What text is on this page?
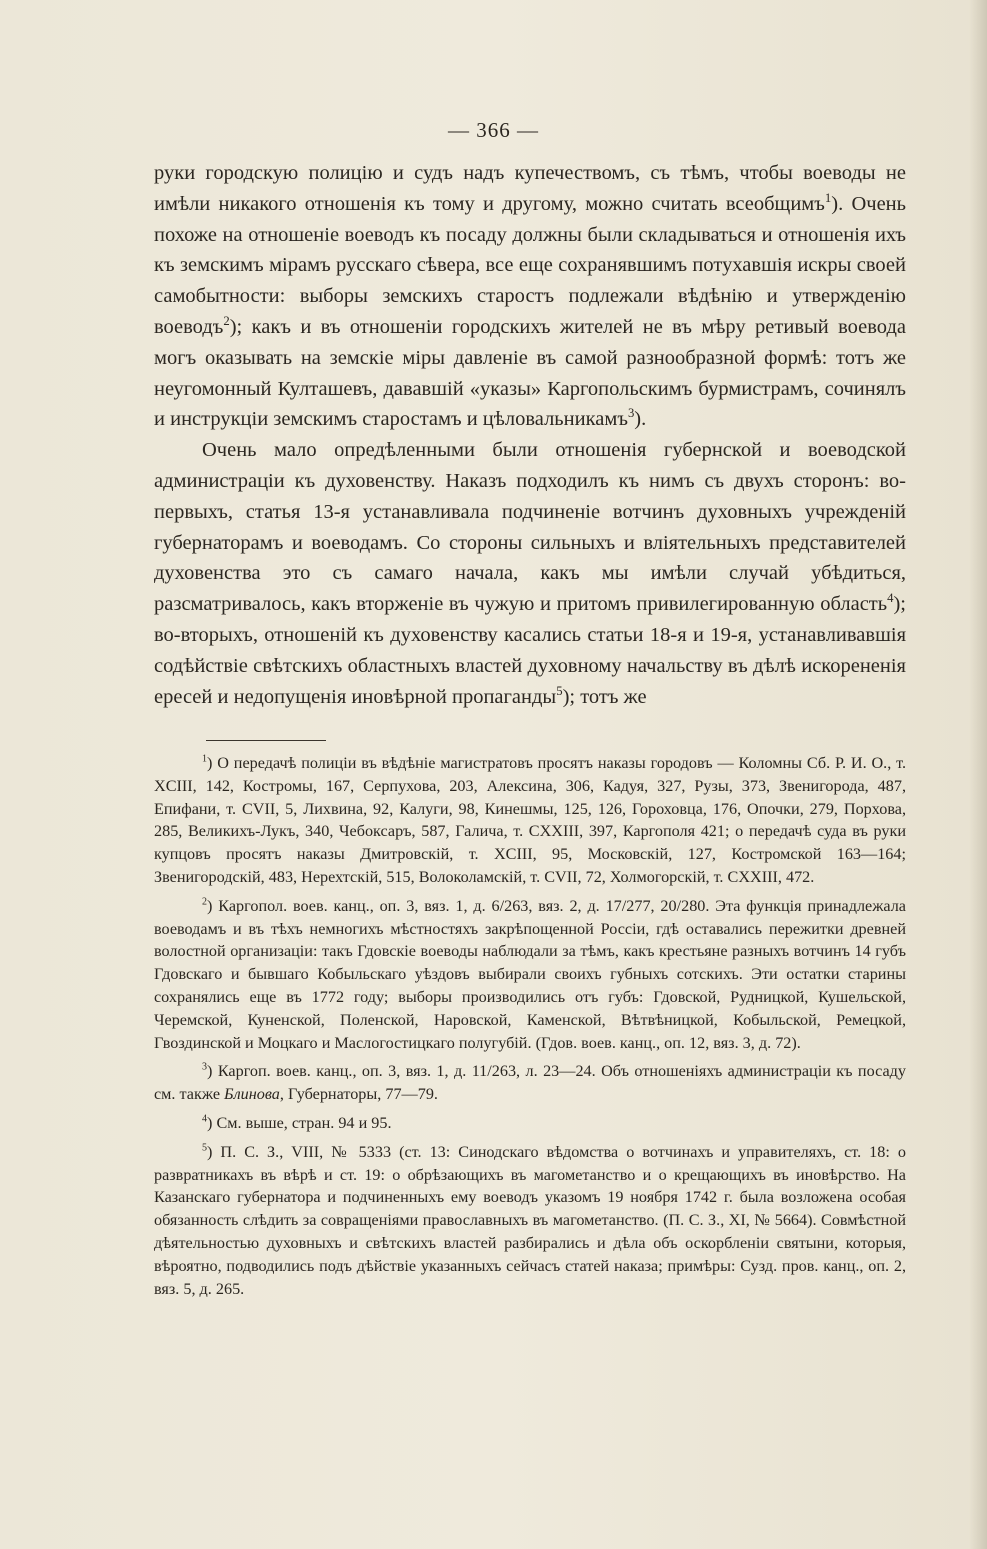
— 366 —

руки городскую полицію и судъ надъ купечествомъ, съ тѣмъ, чтобы воеводы не имѣли никакого отношенія къ тому и другому, можно считать всеобщимъ$^1$). Очень похоже на отношеніе воеводъ къ посаду должны были складываться и отношенія ихъ къ земскимъ мірамъ русскаго сѣвера, все еще сохранявшимъ потухавшія искры своей самобытности: выборы земскихъ старостъ подлежали вѣдѣнію и утвержденію воеводъ$^2$); какъ и въ отношеніи городскихъ жителей не въ мѣру ретивый воевода могъ оказывать на земскіе міры давленіе въ самой разнообразной формѣ: тотъ же неугомонный Култашевъ, дававшій «указы» Каргопольскимъ бурмистрамъ, сочинялъ и инструкціи земскимъ старостамъ и цѣловальникамъ$^3$).

Очень мало опредѣленными были отношенія губернской и воеводской администраціи къ духовенству. Наказъ подходилъ къ нимъ съ двухъ сторонъ: во-первыхъ, статья 13-я устанавливала подчиненіе вотчинъ духовныхъ учрежденій губернаторамъ и воеводамъ. Со стороны сильныхъ и вліятельныхъ представителей духовенства это съ самаго начала, какъ мы имѣли случай убѣдиться, разсматривалось, какъ вторженіе въ чужую и притомъ привилегированную область$^4$); во-вторыхъ, отношеній къ духовенству касались статьи 18-я и 19-я, устанавливавшія содѣйствіе свѣтскихъ областныхъ властей духовному начальству въ дѣлѣ искорененія ересей и недопущенія иновѣрной пропаганды$^5$); тотъ же

$^1$) О передачѣ полиціи въ вѣдѣніе магистратовъ просятъ наказы городовъ — Коломны Сб. Р. И. О., т. XCIII, 142, Костромы, 167, Серпухова, 203, Алексина, 306, Кадуя, 327, Рузы, 373, Звенигорода, 487, Епифани, т. CVII, 5, Лихвина, 92, Калуги, 98, Кинешмы, 125, 126, Гороховца, 176, Опочки, 279, Порхова, 285, Великихъ-Лукъ, 340, Чебоксаръ, 587, Галича, т. CXXIII, 397, Каргополя 421; о передачѣ суда въ руки купцовъ просятъ наказы Дмитровскій, т. XCIII, 95, Московскій, 127, Костромской 163—164; Звенигородскій, 483, Нерехтскій, 515, Волоколамскій, т. CVII, 72, Холмогорскій, т. CXXIII, 472.

$^2$) Каргопол. воев. канц., оп. 3, вяз. 1, д. 6/263, вяз. 2, д. 17/277, 20/280. Эта функція принадлежала воеводамъ и въ тѣхъ немногихъ мѣстностяхъ закрѣпощенной Россіи, гдѣ оставались пережитки древней волостной организаціи: такъ Гдовскіе воеводы наблюдали за тѣмъ, какъ крестьяне разныхъ вотчинъ 14 губъ Гдовскаго и бывшаго Кобыльскаго уѣздовъ выбирали своихъ губныхъ сотскихъ. Эти остатки старины сохранялись еще въ 1772 году; выборы производились отъ губъ: Гдовской, Рудницкой, Кушельской, Черемской, Куненской, Поленской, Наровской, Каменской, Вѣтвѣницкой, Кобыльской, Ремецкой, Гвоздинской и Моцкаго и Маслогостицкаго полугубій. (Гдов. воев. канц., оп. 12, вяз. 3, д. 72).

$^3$) Каргоп. воев. канц., оп. 3, вяз. 1, д. 11/263, л. 23—24. Объ отношеніяхъ администраціи къ посаду см. также Блинова, Губернаторы, 77—79.

$^4$) См. выше, стран. 94 и 95.

$^5$) П. С. З., VIII, № 5333 (ст. 13: Синодскаго вѣдомства о вотчинахъ и управителяхъ, ст. 18: о развратникахъ въ вѣрѣ и ст. 19: о обрѣзающихъ въ магометанство и о крещающихъ въ иновѣрство. На Казанскаго губернатора и подчиненныхъ ему воеводъ указомъ 19 ноября 1742 г. была возложена особая обязанность слѣдить за совращеніями православныхъ въ магометанство. (П. С. З., XI, № 5664). Совмѣстной дѣятельностью духовныхъ и свѣтскихъ властей разбирались и дѣла объ оскорбленіи святыни, которыя, вѣроятно, подводились подъ дѣйствіе указанныхъ сейчасъ статей наказа; примѣры: Сузд. пров. канц., оп. 2, вяз. 5, д. 265.
